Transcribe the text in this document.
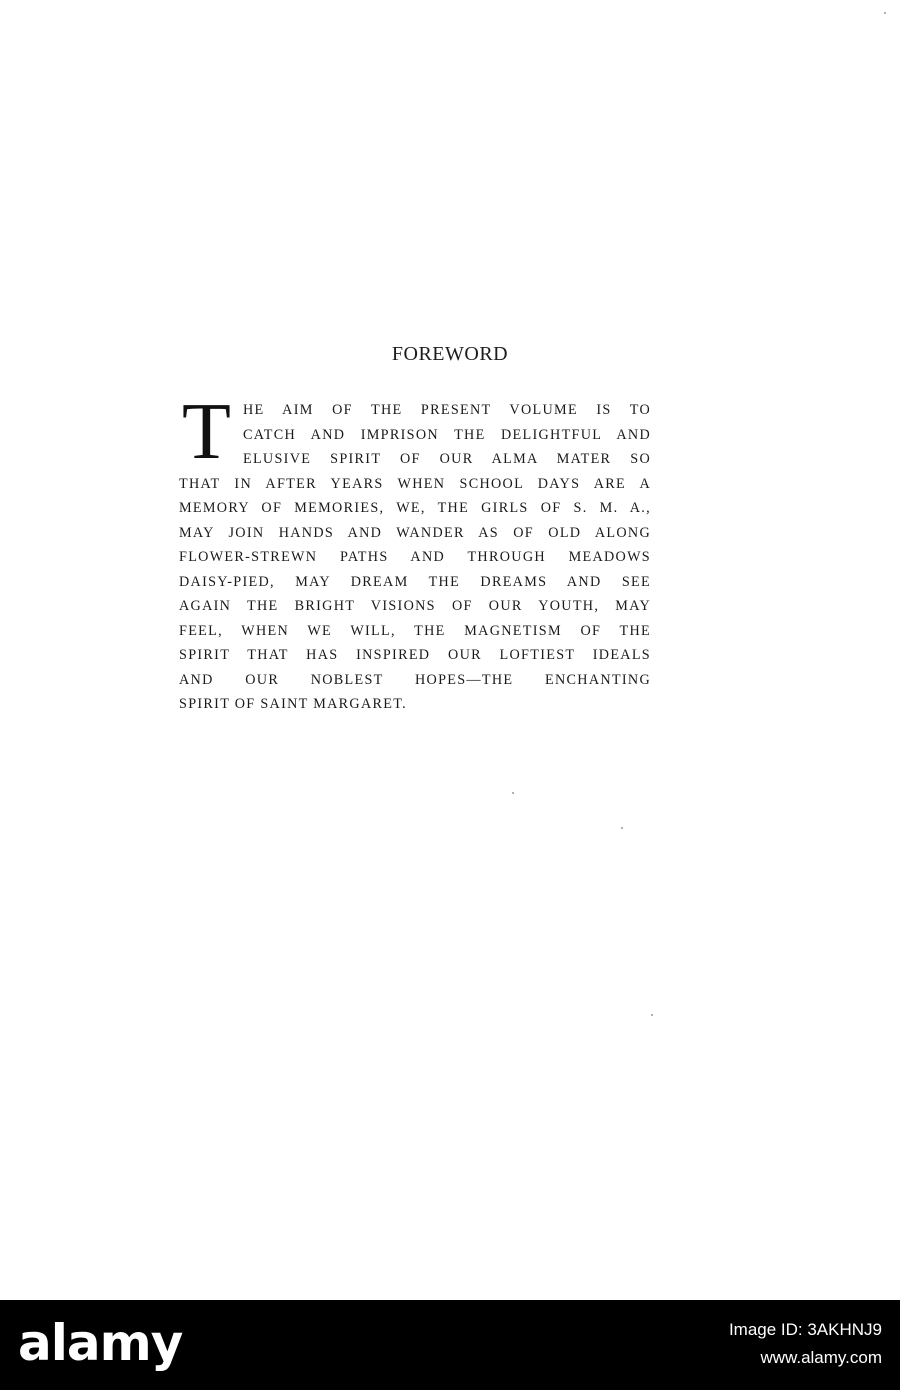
FOREWORD
T HE AIM OF THE PRESENT VOLUME IS TO
CATCH AND IMPRISON THE DELIGHTFUL AND
ELUSIVE SPIRIT OF OUR ALMA MATER SO
THAT IN AFTER YEARS WHEN SCHOOL DAYS ARE A
MEMORY OF MEMORIES, WE, THE GIRLS OF S. M. A.,
MAY JOIN HANDS AND WANDER AS OF OLD ALONG
FLOWER-STREWN PATHS AND THROUGH MEADOWS
DAISY-PIED, MAY DREAM THE DREAMS AND SEE
AGAIN THE BRIGHT VISIONS OF OUR YOUTH, MAY
FEEL, WHEN WE WILL, THE MAGNETISM OF THE
SPIRIT THAT HAS INSPIRED OUR LOFTIEST IDEALS
AND OUR NOBLEST HOPES—THE ENCHANTING
SPIRIT OF SAINT MARGARET.
alamy	Image ID: 3AKHNJ9
www.alamy.com
